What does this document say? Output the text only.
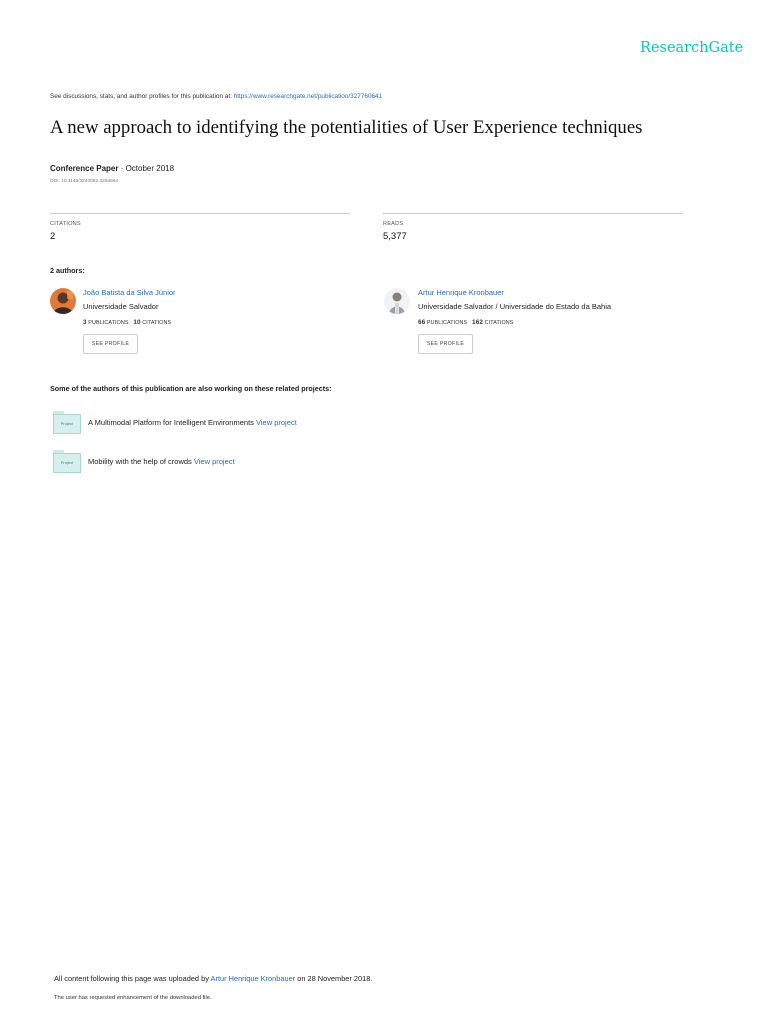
ResearchGate
See discussions, stats, and author profiles for this publication at: https://www.researchgate.net/publication/327760641
A new approach to identifying the potentialities of User Experience techniques
Conference Paper · October 2018
DOI: 10.1145/3243082.3264664
CITATIONS
2
READS
5,377
2 authors:
João Batista da Silva Júnior
Universidade Salvador
3 PUBLICATIONS 10 CITATIONS
SEE PROFILE
Artur Henrique Kronbauer
Universidade Salvador / Universidade do Estado da Bahia
66 PUBLICATIONS 162 CITATIONS
SEE PROFILE
Some of the authors of this publication are also working on these related projects:
Project	A Multimodal Platform for Intelligent Environments View project
Project	Mobility with the help of crowds View project
All content following this page was uploaded by Artur Henrique Kronbauer on 28 November 2018.
The user has requested enhancement of the downloaded file.
